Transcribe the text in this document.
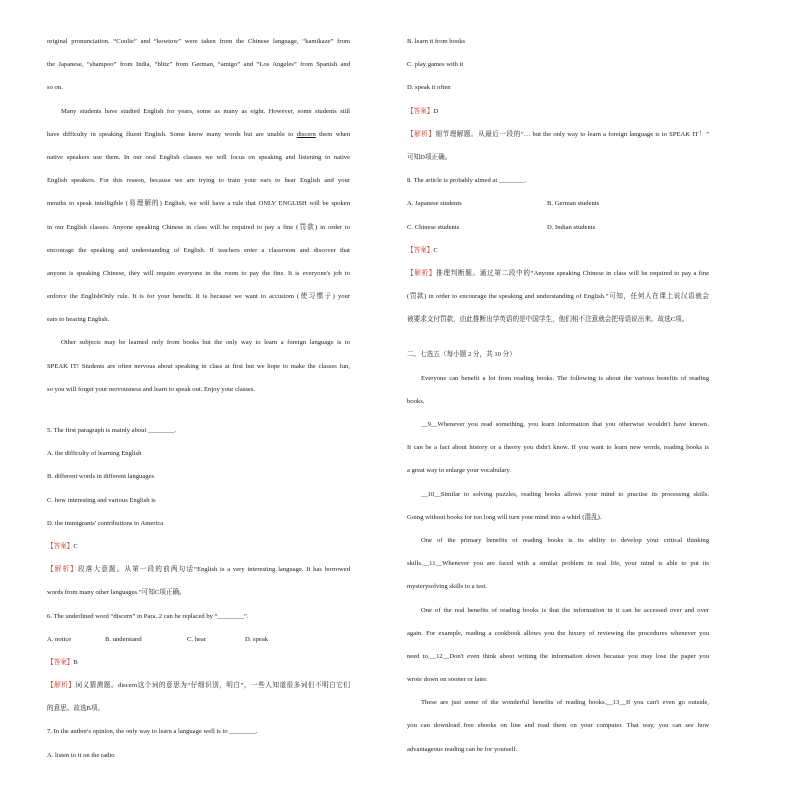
original pronunciation. “Coolie” and “kowtow” were taken from the Chinese language, “kamikaze” from
the Japanese, “shampoo” from India, “blitz” from German, “amigo” and “Los Angeles” from Spanish and
so on.
Many students have studied English for years, some as many as eight. However, some students still
have difficulty in speaking fluent English. Some know many words but are unable to discern them when
native speakers use them. In our oral English classes we will focus on speaking and listening to native
English speakers. For this reason, because we are trying to train your ears to hear English and your
mouths to speak intelligible (易理解的) English, we will have a rule that ONLY ENGLISH will be spoken
in our English classes. Anyone speaking Chinese in class will be required to pay a fine (罚款) in order to
encourage the speaking and understanding of English. If teachers enter a classroom and discover that
anyone is speaking Chinese, they will require everyone in the room to pay the fine. It is everyone's job to
enforce the EnglishOnly rule. It is for your benefit. It is because we want to accustom (使习惯于) your
ears to hearing English.
Other subjects may be learned only from books but the only way to learn a foreign language is to
SPEAK IT! Students are often nervous about speaking in class at first but we hope to make the classes fun,
so you will forget your nervousness and learn to speak out. Enjoy your classes.
5. The first paragraph is mainly about ________.
A. the difficulty of learning English
B. different words in different languages
C. how interesting and various English is
D. the immigrants' contributions to America
【答案】C
【解析】段落大意题。从第一段的前两句话“English is a very interesting language. It has borrowed
words from many other languages.”可知C项正确。
6. The underlined word “discern” in Para. 2 can be replaced by “________”.
A. notice	B. understand	C. hear	D. speak
【答案】B
【解析】词义猜测题。discern这个词的意思为“仔细识别，明白”，一些人知道很多词但不明白它们
的意思。故选B项。
7. In the author's opinion, the only way to learn a language well is to ________.
A. listen to it on the radio
B. learn it from books
C. play games with it
D. speak it often
【答案】D
【解析】细节理解题。从最后一段的“… but the only way to learn a foreign language is to SPEAK IT！”
可知D项正确。
8. The article is probably aimed at ________.
A. Japanese students	B. German students
C. Chinese students	D. Indian students
【答案】C
【解析】推理判断题。通过第二段中的“Anyone speaking Chinese in class will be required to pay a fine
(罚款) in order to encourage the speaking and understanding of English.”可知，任何人在课上说汉语就会
被要求支付罚款，由此推断出学英语的是中国学生，他们相不注意就会把母语说出来。故选C项。
二、七选五（每小题 2 分，共 10 分）
Everyone can benefit a lot from reading books. The following is about the various benefits of reading
books.
__9__Whenever you read something, you learn information that you otherwise wouldn't have known.
It can be a fact about history or a theory you didn't know. If you want to learn new words, reading books is
a great way to enlarge your vocabulary.
__10__Similar to solving puzzles, reading books allows your mind to practise its processing skills.
Going without books for too long will turn your mind into a whirl (混乱).
One of the primary benefits of reading books is its ability to develop your critical thinking
skills.__11__Whenever you are faced with a similar problem in real life, your mind is able to put its
mysterysolving skills to a test.
One of the real benefits of reading books is that the information in it can be accessed over and over
again. For example, reading a cookbook allows you the luxury of reviewing the procedures whenever you
need to.__12__Don't even think about writing the information down because you may lose the paper you
wrote down on sooner or later.
These are just some of the wonderful benefits of reading books.__13__If you can't even go outside,
you can download free ebooks on line and read them on your computer. That way, you can see how
advantageous reading can be for yourself.
